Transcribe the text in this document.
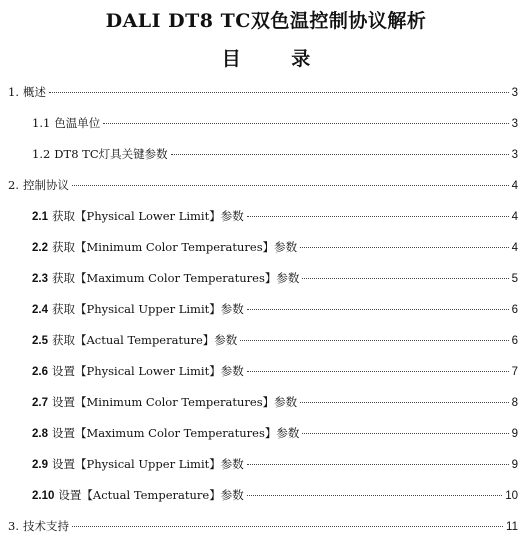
DALI DT8 TC双色温控制协议解析
目 录
1. 概述	3
1.1 色温单位	3
1.2 DT8 TC灯具关键参数	3
2. 控制协议	4
2.1 获取【Physical Lower Limit】参数	4
2.2 获取【Minimum Color Temperatures】参数	4
2.3 获取【Maximum Color Temperatures】参数	5
2.4 获取【Physical Upper Limit】参数	6
2.5 获取【Actual Temperature】参数	6
2.6 设置【Physical Lower Limit】参数	7
2.7 设置【Minimum Color Temperatures】参数	8
2.8 设置【Maximum Color Temperatures】参数	9
2.9 设置【Physical Upper Limit】参数	9
2.10 设置【Actual Temperature】参数	10
3. 技术支持	11
